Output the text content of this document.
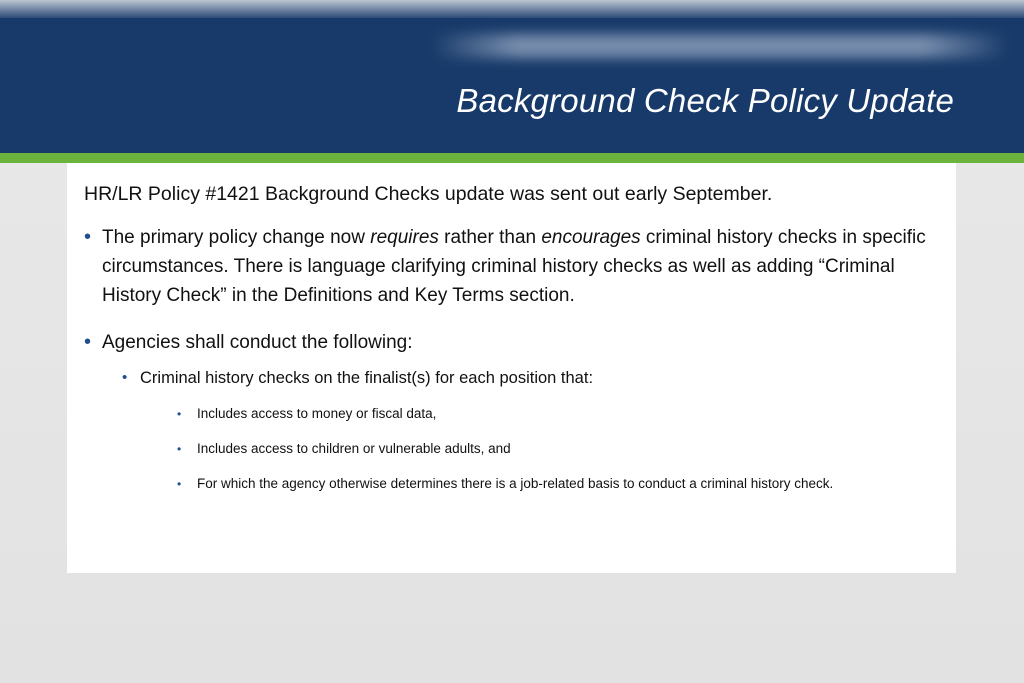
Background Check Policy Update

HR/LR Policy #1421 Background Checks update was sent out early September.

• The primary policy change now requires rather than encourages criminal history checks in specific circumstances. There is language clarifying criminal history checks as well as adding “Criminal History Check” in the Definitions and Key Terms section.

• Agencies shall conduct the following:

• Criminal history checks on the finalist(s) for each position that:
• Includes access to money or fiscal data,
• Includes access to children or vulnerable adults, and
• For which the agency otherwise determines there is a job-related basis to conduct a criminal history check.
